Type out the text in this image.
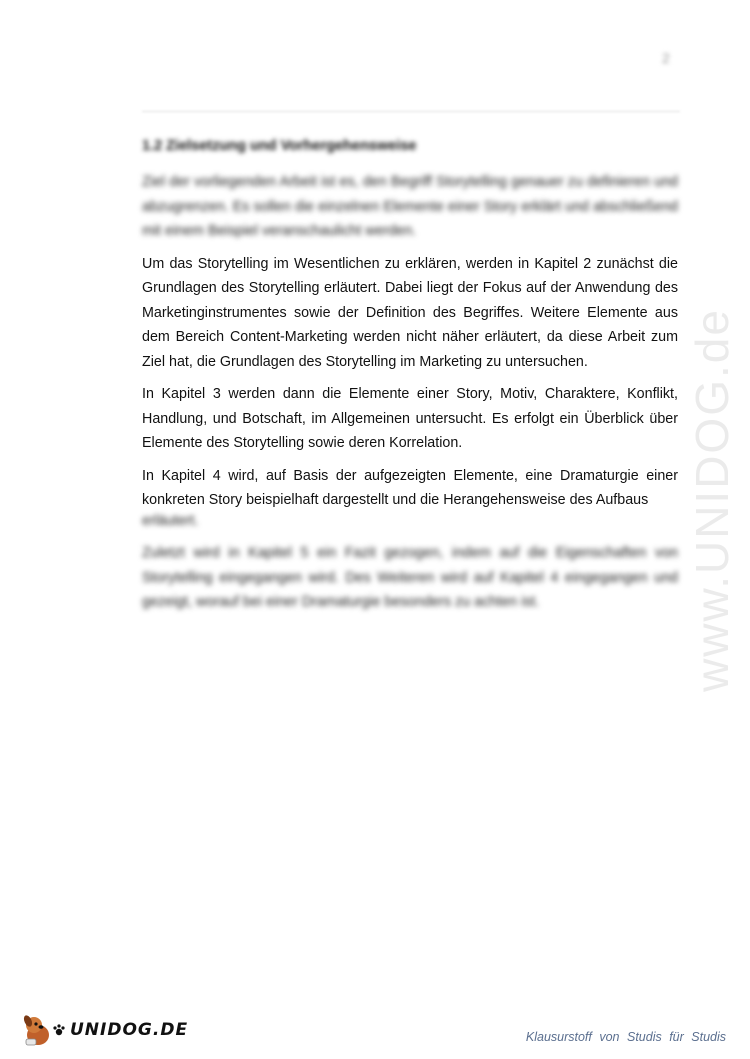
2
www.UNIDOG.de
1.2 Zielsetzung und Vorhergehensweise

Ziel der vorliegenden Arbeit ist es, den Begriff Storytelling genauer zu definieren und abzugrenzen. Es sollen die einzelnen Elemente einer Story erklärt und abschließend mit einem Beispiel veranschaulicht werden.

Um das Storytelling im Wesentlichen zu erklären, werden in Kapitel 2 zunächst die Grundlagen des Storytelling erläutert. Dabei liegt der Fokus auf der Anwendung des Marketinginstrumentes sowie der Definition des Begriffes. Weitere Elemente aus dem Bereich Content-Marketing werden nicht näher erläutert, da diese Arbeit zum Ziel hat, die Grundlagen des Storytelling im Marketing zu untersuchen.

In Kapitel 3 werden dann die Elemente einer Story, Motiv, Charaktere, Konflikt, Handlung, und Botschaft, im Allgemeinen untersucht. Es erfolgt ein Überblick über Elemente des Storytelling sowie deren Korrelation.

In Kapitel 4 wird, auf Basis der aufgezeigten Elemente, eine Dramaturgie einer konkreten Story beispielhaft dargestellt und die Herangehensweise des Aufbaus

erläutert.

Zuletzt wird in Kapitel 5 ein Fazit gezogen, indem auf die Eigenschaften von Storytelling eingegangen wird. Des Weiteren wird auf Kapitel 4 eingegangen und gezeigt, worauf bei einer Dramaturgie besonders zu achten ist.

UNIDOG.DE	Klausurstoff von Studis für Studis
